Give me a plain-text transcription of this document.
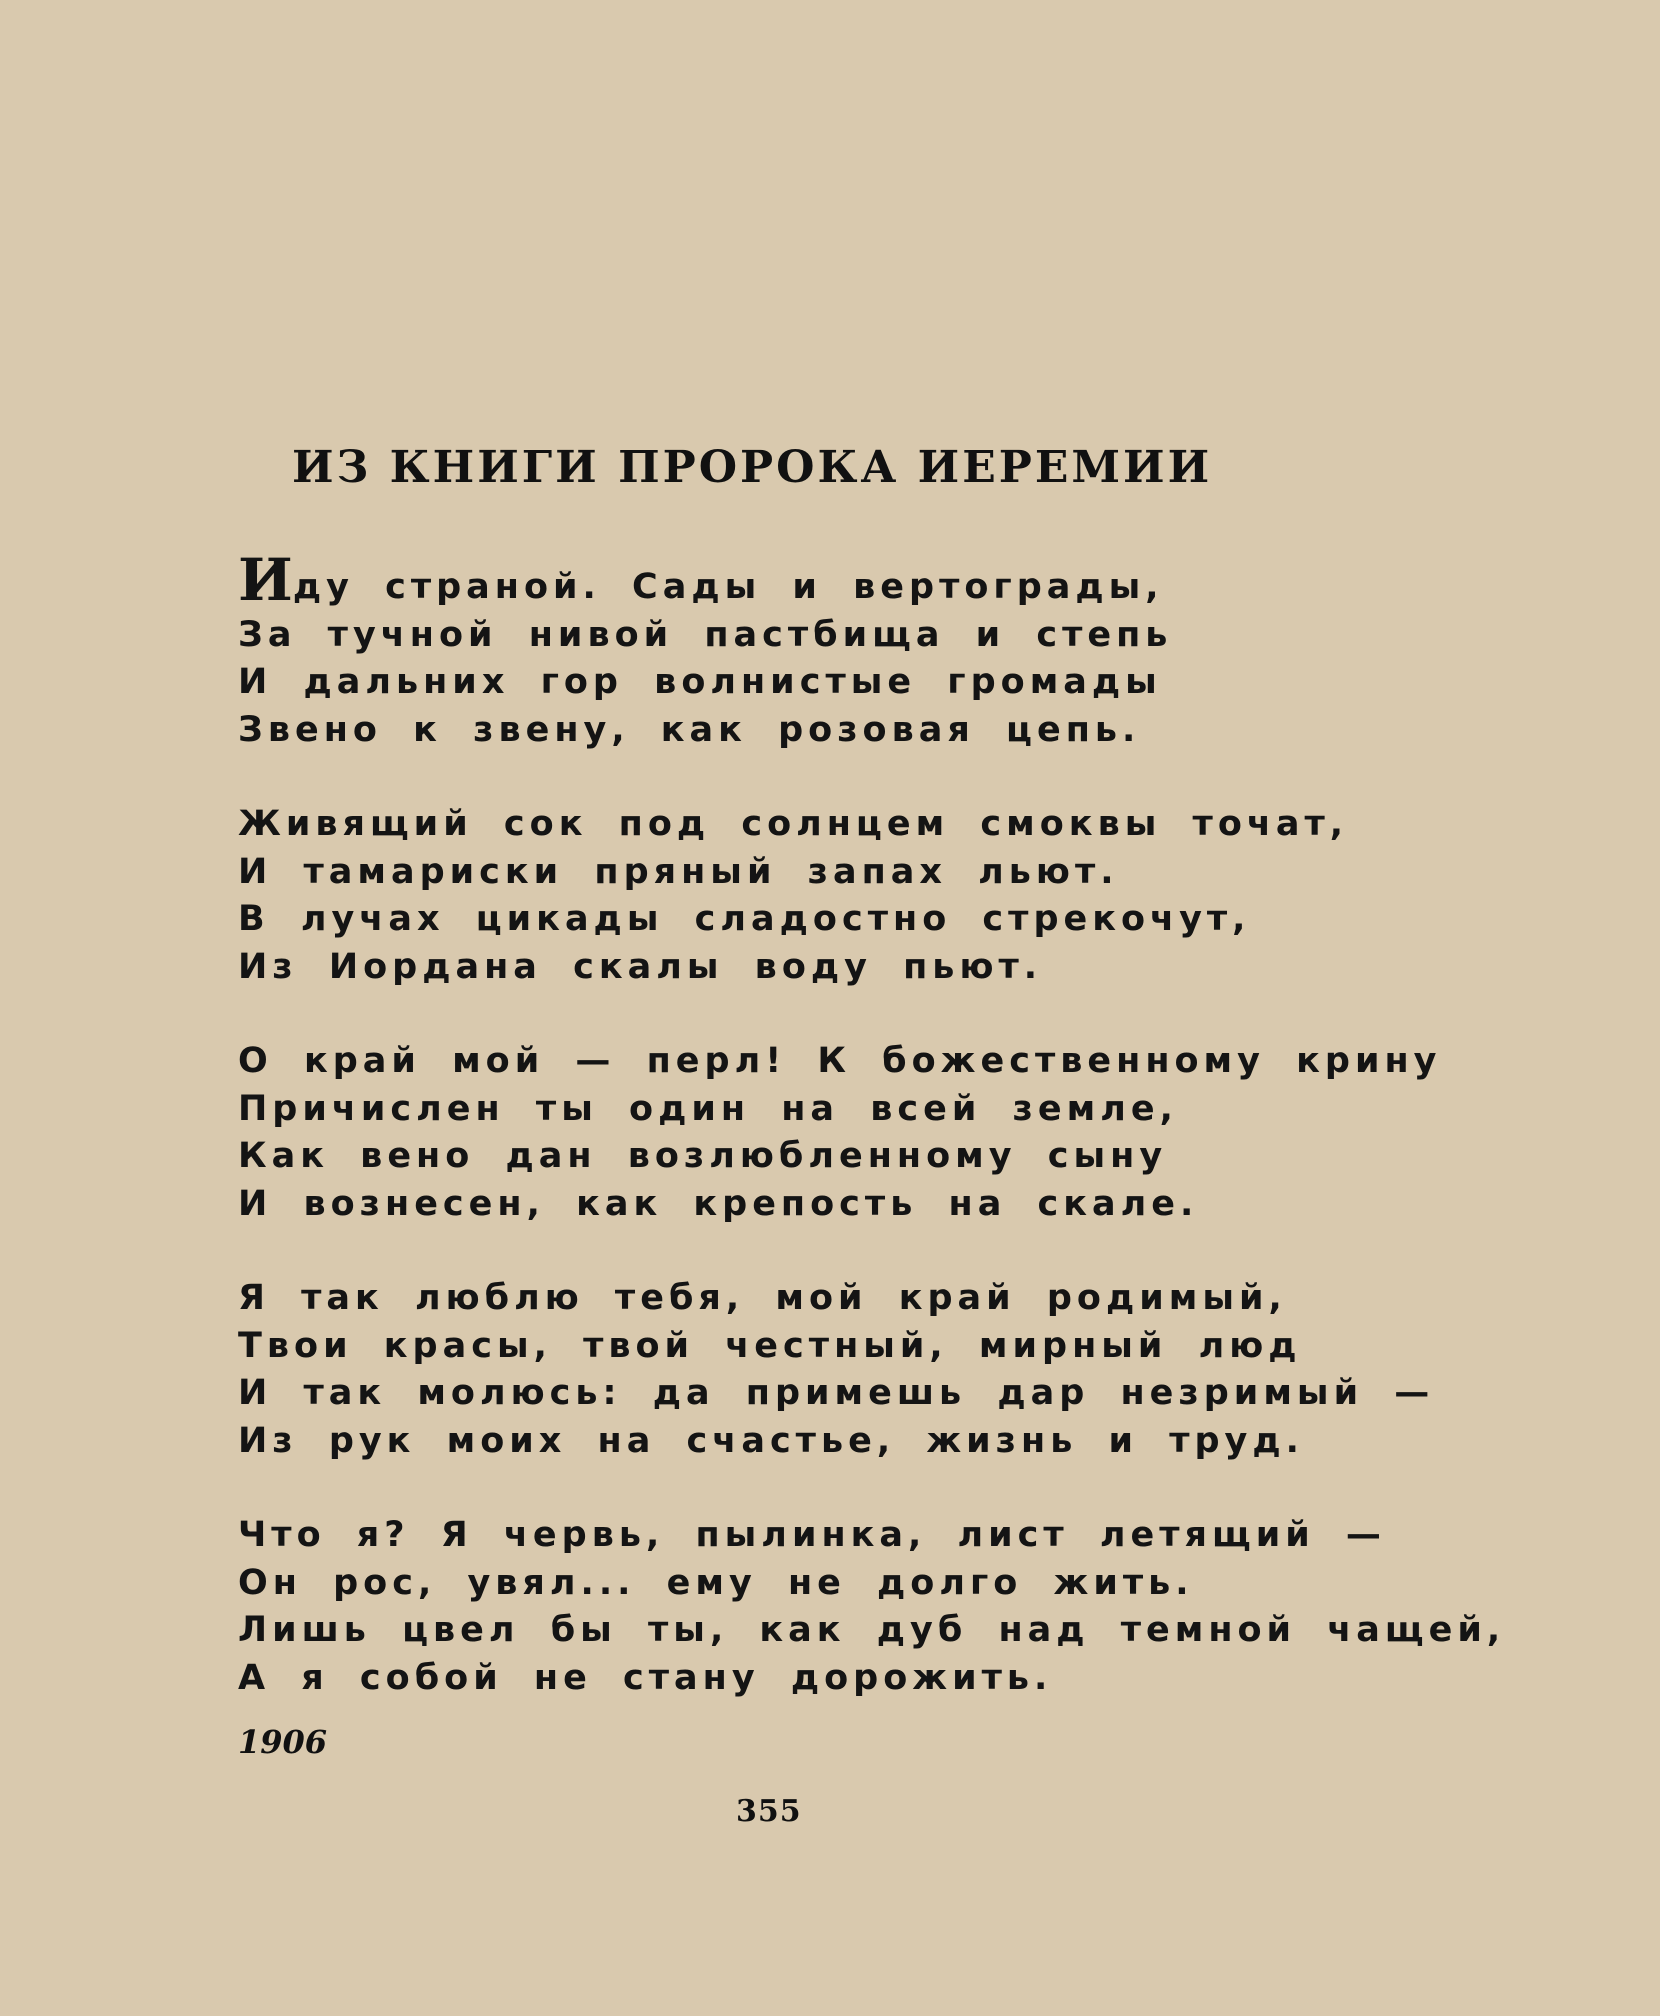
ИЗ КНИГИ ПРОРОКА ИЕРЕМИИ
Иду страной. Сады и вертограды,
За тучной нивой пастбища и степь
И дальних гор волнистые громады
Звено к звену, как розовая цепь.
Живящий сок под солнцем смоквы точат,
И тамариски пряный запах льют.
В лучах цикады сладостно стрекочут,
Из Иордана скалы воду пьют.
О край мой — перл! К божественному крину
Причислен ты один на всей земле,
Как вено дан возлюбленному сыну
И вознесен, как крепость на скале.
Я так люблю тебя, мой край родимый,
Твои красы, твой честный, мирный люд
И так молюсь: да примешь дар незримый —
Из рук моих на счастье, жизнь и труд.
Что я? Я червь, пылинка, лист летящий —
Он рос, увял... ему не долго жить.
Лишь цвел бы ты, как дуб над темной чащей,
А я собой не стану дорожить.
1906
355
